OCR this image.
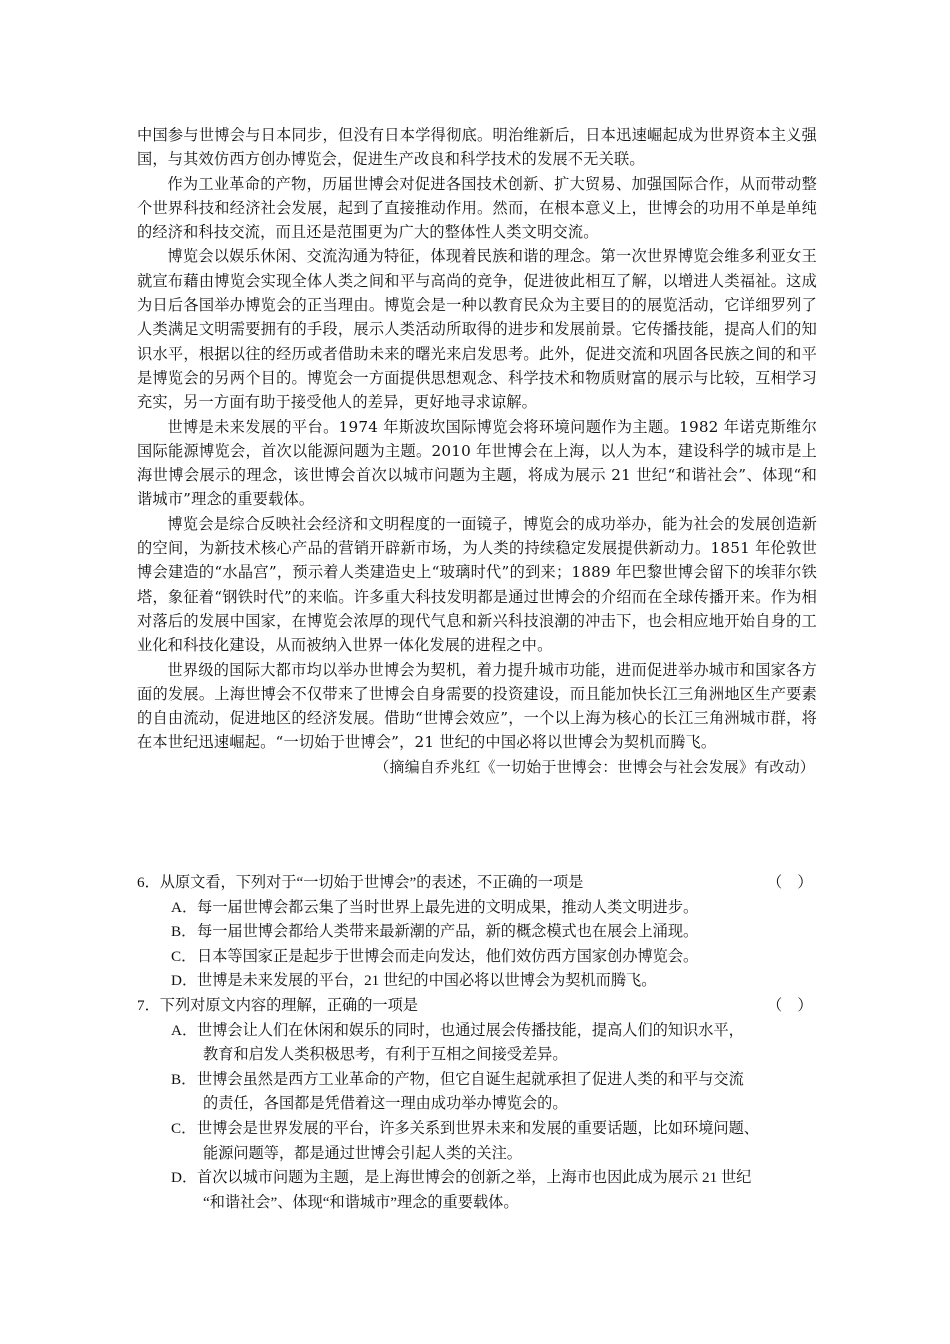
中国参与世博会与日本同步，但没有日本学得彻底。明治维新后，日本迅速崛起成为世界资本主义强国，与其效仿西方创办博览会，促进生产改良和科学技术的发展不无关联。

作为工业革命的产物，历届世博会对促进各国技术创新、扩大贸易、加强国际合作，从而带动整个世界科技和经济社会发展，起到了直接推动作用。然而，在根本意义上，世博会的功用不单是单纯的经济和科技交流，而且还是范围更为广大的整体性人类文明交流。

博览会以娱乐休闲、交流沟通为特征，体现着民族和谐的理念。第一次世界博览会维多利亚女王就宣布藉由博览会实现全体人类之间和平与高尚的竞争，促进彼此相互了解，以增进人类福祉。这成为日后各国举办博览会的正当理由。博览会是一种以教育民众为主要目的的展览活动，它详细罗列了人类满足文明需要拥有的手段，展示人类活动所取得的进步和发展前景。它传播技能，提高人们的知识水平，根据以往的经历或者借助未来的曙光来启发思考。此外，促进交流和巩固各民族之间的和平是博览会的另两个目的。博览会一方面提供思想观念、科学技术和物质财富的展示与比较，互相学习充实，另一方面有助于接受他人的差异，更好地寻求谅解。

世博是未来发展的平台。1974 年斯波坎国际博览会将环境问题作为主题。1982 年诺克斯维尔国际能源博览会，首次以能源问题为主题。2010 年世博会在上海，以人为本，建设科学的城市是上海世博会展示的理念，该世博会首次以城市问题为主题，将成为展示 21 世纪“和谐社会”、体现“和谐城市”理念的重要载体。

博览会是综合反映社会经济和文明程度的一面镜子，博览会的成功举办，能为社会的发展创造新的空间，为新技术核心产品的营销开辟新市场，为人类的持续稳定发展提供新动力。1851 年伦敦世博会建造的“水晶宫”，预示着人类建造史上“玻璃时代”的到来；1889 年巴黎世博会留下的埃菲尔铁塔，象征着“钢铁时代”的来临。许多重大科技发明都是通过世博会的介绍而在全球传播开来。作为相对落后的发展中国家，在博览会浓厚的现代气息和新兴科技浪潮的冲击下，也会相应地开始自身的工业化和科技化建设，从而被纳入世界一体化发展的进程之中。

世界级的国际大都市均以举办世博会为契机，着力提升城市功能，进而促进举办城市和国家各方面的发展。上海世博会不仅带来了世博会自身需要的投资建设，而且能加快长江三角洲地区生产要素的自由流动，促进地区的经济发展。借助“世博会效应”，一个以上海为核心的长江三角洲城市群，将在本世纪迅速崛起。“一切始于世博会”，21 世纪的中国必将以世博会为契机而腾飞。

（摘编自乔兆红《一切始于世博会：世博会与社会发展》有改动）

6．从原文看，下列对于“一切始于世博会”的表述，不正确的一项是	（    ）
A．每一届世博会都云集了当时世界上最先进的文明成果，推动人类文明进步。
B．每一届世博会都给人类带来最新潮的产品，新的概念模式也在展会上涌现。
C．日本等国家正是起步于世博会而走向发达，他们效仿西方国家创办博览会。
D．世博是未来发展的平台，21 世纪的中国必将以世博会为契机而腾飞。
7．下列对原文内容的理解，正确的一项是	（    ）
A．世博会让人们在休闲和娱乐的同时，也通过展会传播技能，提高人们的知识水平，
教育和启发人类积极思考，有利于互相之间接受差异。
B．世博会虽然是西方工业革命的产物，但它自诞生起就承担了促进人类的和平与交流
的责任，各国都是凭借着这一理由成功举办博览会的。
C．世博会是世界发展的平台，许多关系到世界未来和发展的重要话题，比如环境问题、
能源问题等，都是通过世博会引起人类的关注。
D．首次以城市问题为主题，是上海世博会的创新之举，上海市也因此成为展示 21 世纪
“和谐社会”、体现“和谐城市”理念的重要载体。
